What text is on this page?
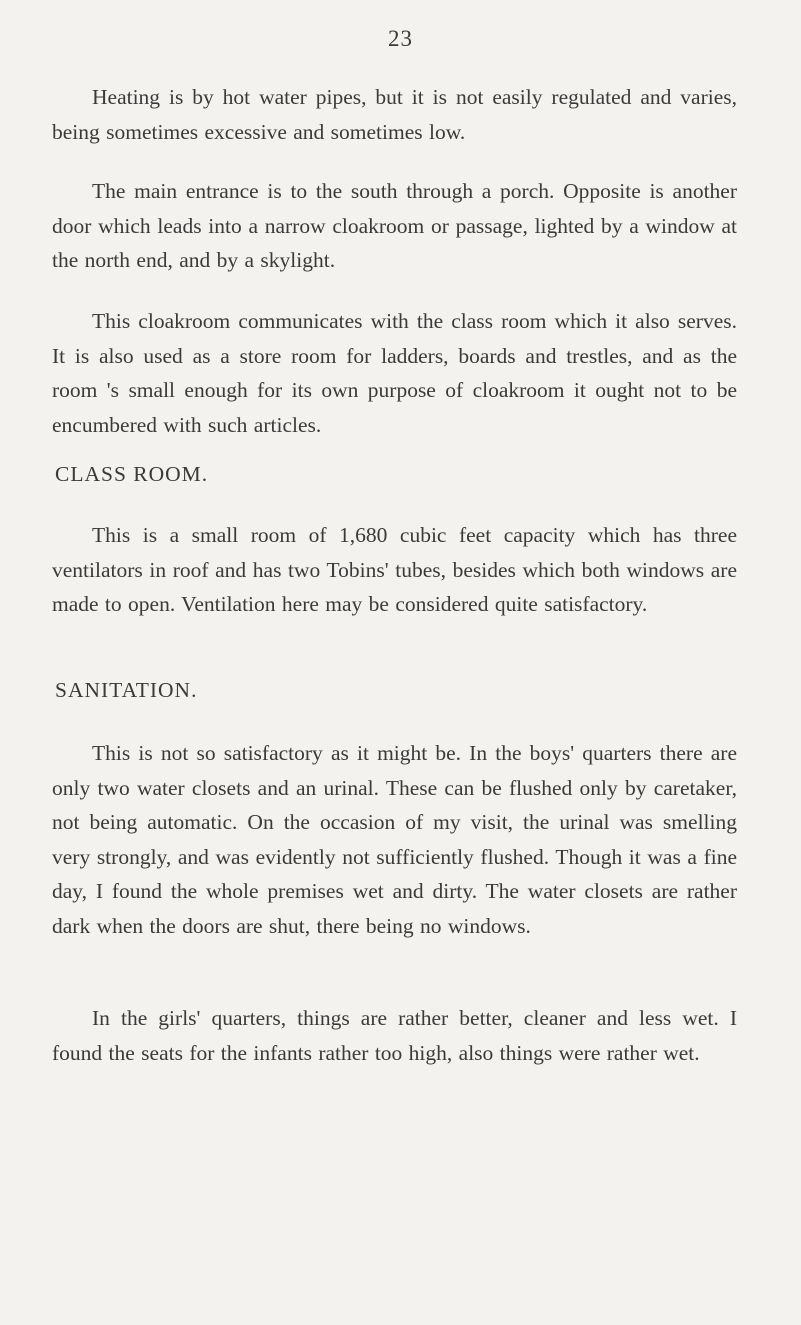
23

Heating is by hot water pipes, but it is not easily regulated and varies, being sometimes excessive and sometimes low.

The main entrance is to the south through a porch. Opposite is another door which leads into a narrow cloakroom or passage, lighted by a window at the north end, and by a skylight.

This cloakroom communicates with the class room which it also serves. It is also used as a store room for ladders, boards and trestles, and as the room 's small enough for its own purpose of cloakroom it ought not to be encumbered with such articles.

CLASS ROOM.

This is a small room of 1,680 cubic feet capacity which has three ventilators in roof and has two Tobins' tubes, besides which both windows are made to open. Ventilation here may be considered quite satisfactory.

SANITATION.

This is not so satisfactory as it might be. In the boys' quarters there are only two water closets and an urinal. These can be flushed only by caretaker, not being automatic. On the occasion of my visit, the urinal was smelling very strongly, and was evidently not sufficiently flushed. Though it was a fine day, I found the whole premises wet and dirty. The water closets are rather dark when the doors are shut, there being no windows.

In the girls' quarters, things are rather better, cleaner and less wet. I found the seats for the infants rather too high, also things were rather wet.
